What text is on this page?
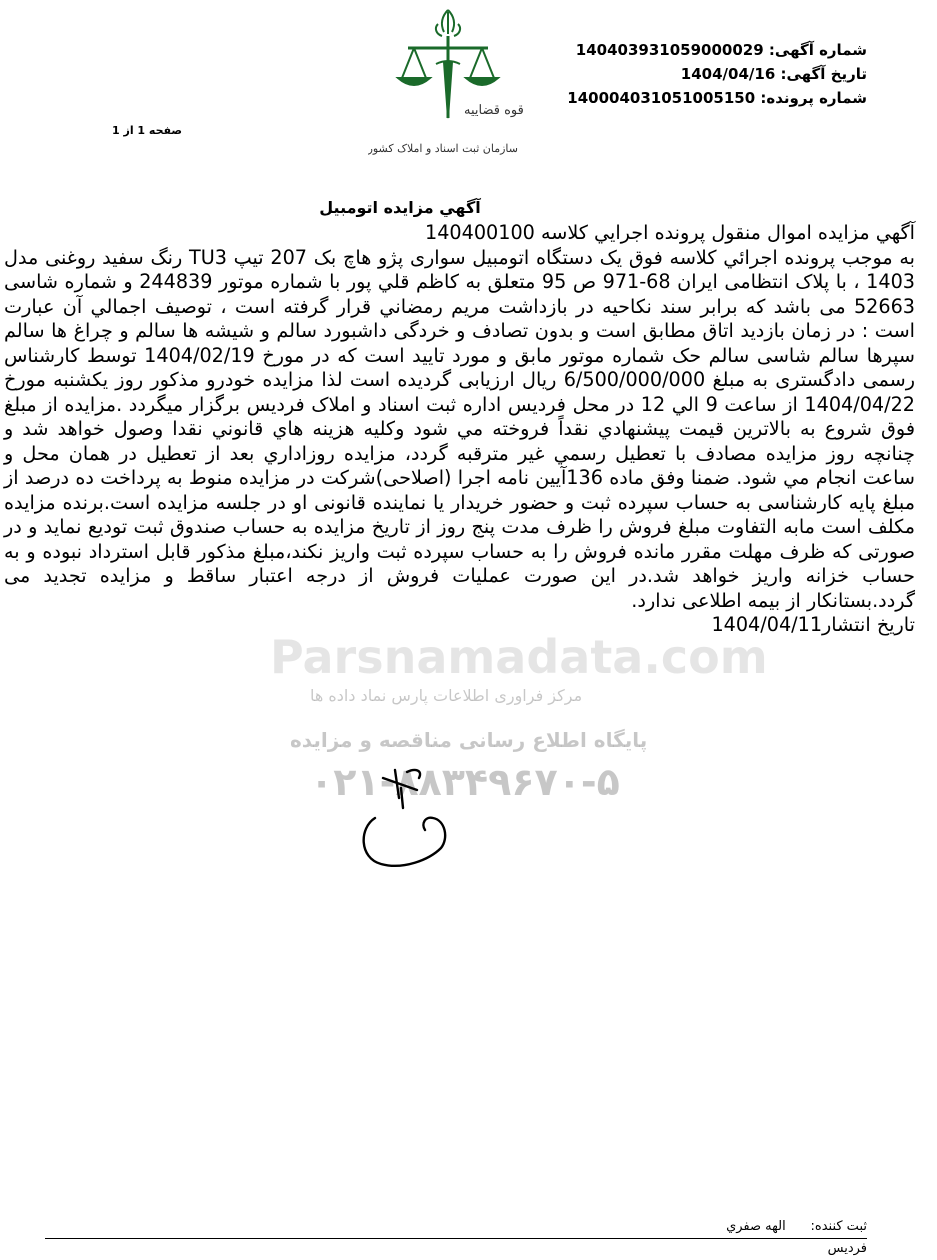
شماره آگهی: 14040393105900002‎9
تاریخ آگهی: 1404/04/16
شماره پرونده: 14000403105100515‎0
صفحه 1 از 1
قوه قضاییه
سازمان ثبت اسناد و املاک کشور
آگهي مزایده اتومبیل

آگهي مزایده اموال منقول پرونده اجرایي کلاسه 140400100

به موجب پرونده اجرائي کلاسه فوق یک دستگاه اتومبیل سواری پژو هاچ بک 207 تیپ TU3 رنگ سفید روغنی مدل 1403 ، با پلاک انتظامی ایران 68-971 ص 95 متعلق به کاظم قلي پور با شماره موتور 244839 و شماره شاسی 52663 می باشد که برابر سند نکاحیه در بازداشت مریم رمضاني قرار گرفته است ، توصیف اجمالي آن عبارت است : در زمان بازدید اتاق مطابق است و بدون تصادف و خردگی داشبورد سالم و شیشه ها سالم و چراغ ها سالم سپرها سالم شاسی سالم حک شماره موتور مابق و مورد تایید است که در مورخ 1404/02/19 توسط کارشناس رسمی دادگستری به مبلغ 6/500/000/000 ریال ارزیابی گردیده است لذا مزایده خودرو مذکور روز یکشنبه مورخ 1404/04/22 از ساعت 9 الي 12 در محل فردیس اداره ثبت اسناد و املاک فردیس برگزار میگردد .مزایده از مبلغ فوق شروع به بالاترین قیمت پیشنهادي نقداً فروخته مي شود وکلیه هزینه هاي قانوني نقدا وصول خواهد شد و چنانچه روز مزایده مصادف با تعطیل رسمي غیر مترقبه گردد، مزایده روزاداري بعد از تعطیل در همان محل و ساعت انجام مي شود. ضمنا وفق ماده 136آیین نامه اجرا (اصلاحی)شرکت در مزایده منوط به پرداخت ده درصد از مبلغ پایه کارشناسی به حساب سپرده ثبت و حضور خریدار یا نماینده قانونی او در جلسه مزایده است.برنده مزایده مکلف است مابه التفاوت مبلغ فروش را ظرف مدت پنج روز از تاریخ مزایده به حساب صندوق ثبت تودیع نماید و در صورتی که ظرف مهلت مقرر مانده فروش را به حساب سپرده ثبت واریز نکند،مبلغ مذکور قابل استرداد نبوده و به حساب خزانه واریز خواهد شد.در این صورت عملیات فروش از درجه اعتبار ساقط و مزایده تجدید می گردد.بستانکار از بیمه اطلاعی ندارد.

تاریخ انتشار1404/04/11

Parsnamadata.com
مرکز فراوری اطلاعات پارس نماد داده ها
پایگاه اطلاع رسانی مناقصه و مزایده
۰۲۱-۸۸۳۴۹۶۷۰-۵
ثبت کننده:      الهه صفري
فردیس
